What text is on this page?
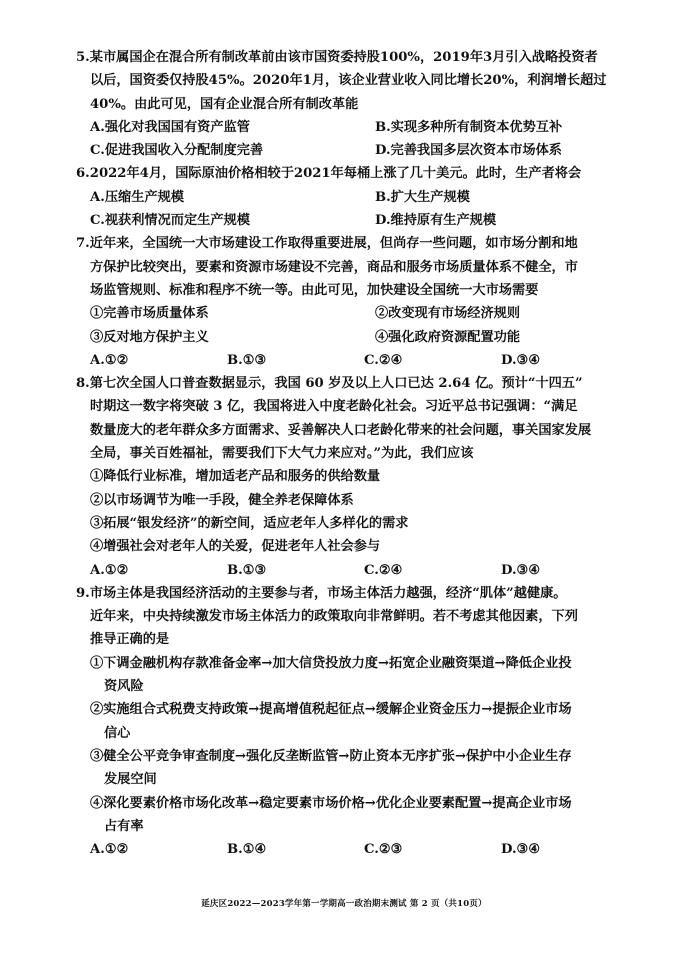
5.某市属国企在混合所有制改革前由该市国资委持股100%，2019年3月引入战略投资者
以后，国资委仅持股45%。2020年1月，该企业营业收入同比增长20%，利润增长超过
40%。由此可见，国有企业混合所有制改革能
A.强化对我国国有资产监管	B.实现多种所有制资本优势互补
C.促进我国收入分配制度完善	D.完善我国多层次资本市场体系
6.2022年4月，国际原油价格相较于2021年每桶上涨了几十美元。此时，生产者将会
A.压缩生产规模	B.扩大生产规模
C.视获利情况而定生产规模	D.维持原有生产规模
7.近年来，全国统一大市场建设工作取得重要进展，但尚存一些问题，如市场分割和地
方保护比较突出，要素和资源市场建设不完善，商品和服务市场质量体系不健全，市
场监管规则、标准和程序不统一等。由此可见，加快建设全国统一大市场需要
①完善市场质量体系	②改变现有市场经济规则
③反对地方保护主义	④强化政府资源配置功能
A.①②	B.①③	C.②④	D.③④
8.第七次全国人口普查数据显示，我国 60 岁及以上人口已达 2.64 亿。预计“十四五”
时期这一数字将突破 3 亿，我国将进入中度老龄化社会。习近平总书记强调：“满足
数量庞大的老年群众多方面需求、妥善解决人口老龄化带来的社会问题，事关国家发展
全局，事关百姓福祉，需要我们下大气力来应对。”为此，我们应该
①降低行业标准，增加适老产品和服务的供给数量
②以市场调节为唯一手段，健全养老保障体系
③拓展“银发经济”的新空间，适应老年人多样化的需求
④增强社会对老年人的关爱，促进老年人社会参与
A.①②	B.①③	C.②④	D.③④
9.市场主体是我国经济活动的主要参与者，市场主体活力越强，经济“肌体”越健康。
近年来，中央持续激发市场主体活力的政策取向非常鲜明。若不考虑其他因素，下列
推导正确的是
①下调金融机构存款准备金率→加大信贷投放力度→拓宽企业融资渠道→降低企业投
资风险
②实施组合式税费支持政策→提高增值税起征点→缓解企业资金压力→提振企业市场
信心
③健全公平竞争审查制度→强化反垄断监管→防止资本无序扩张→保护中小企业生存
发展空间
④深化要素价格市场化改革→稳定要素市场价格→优化企业要素配置→提高企业市场
占有率
A.①②	B.①④	C.②③	D.③④
延庆区2022—2023学年第一学期高一政治期末测试 第 2 页（共10页）
